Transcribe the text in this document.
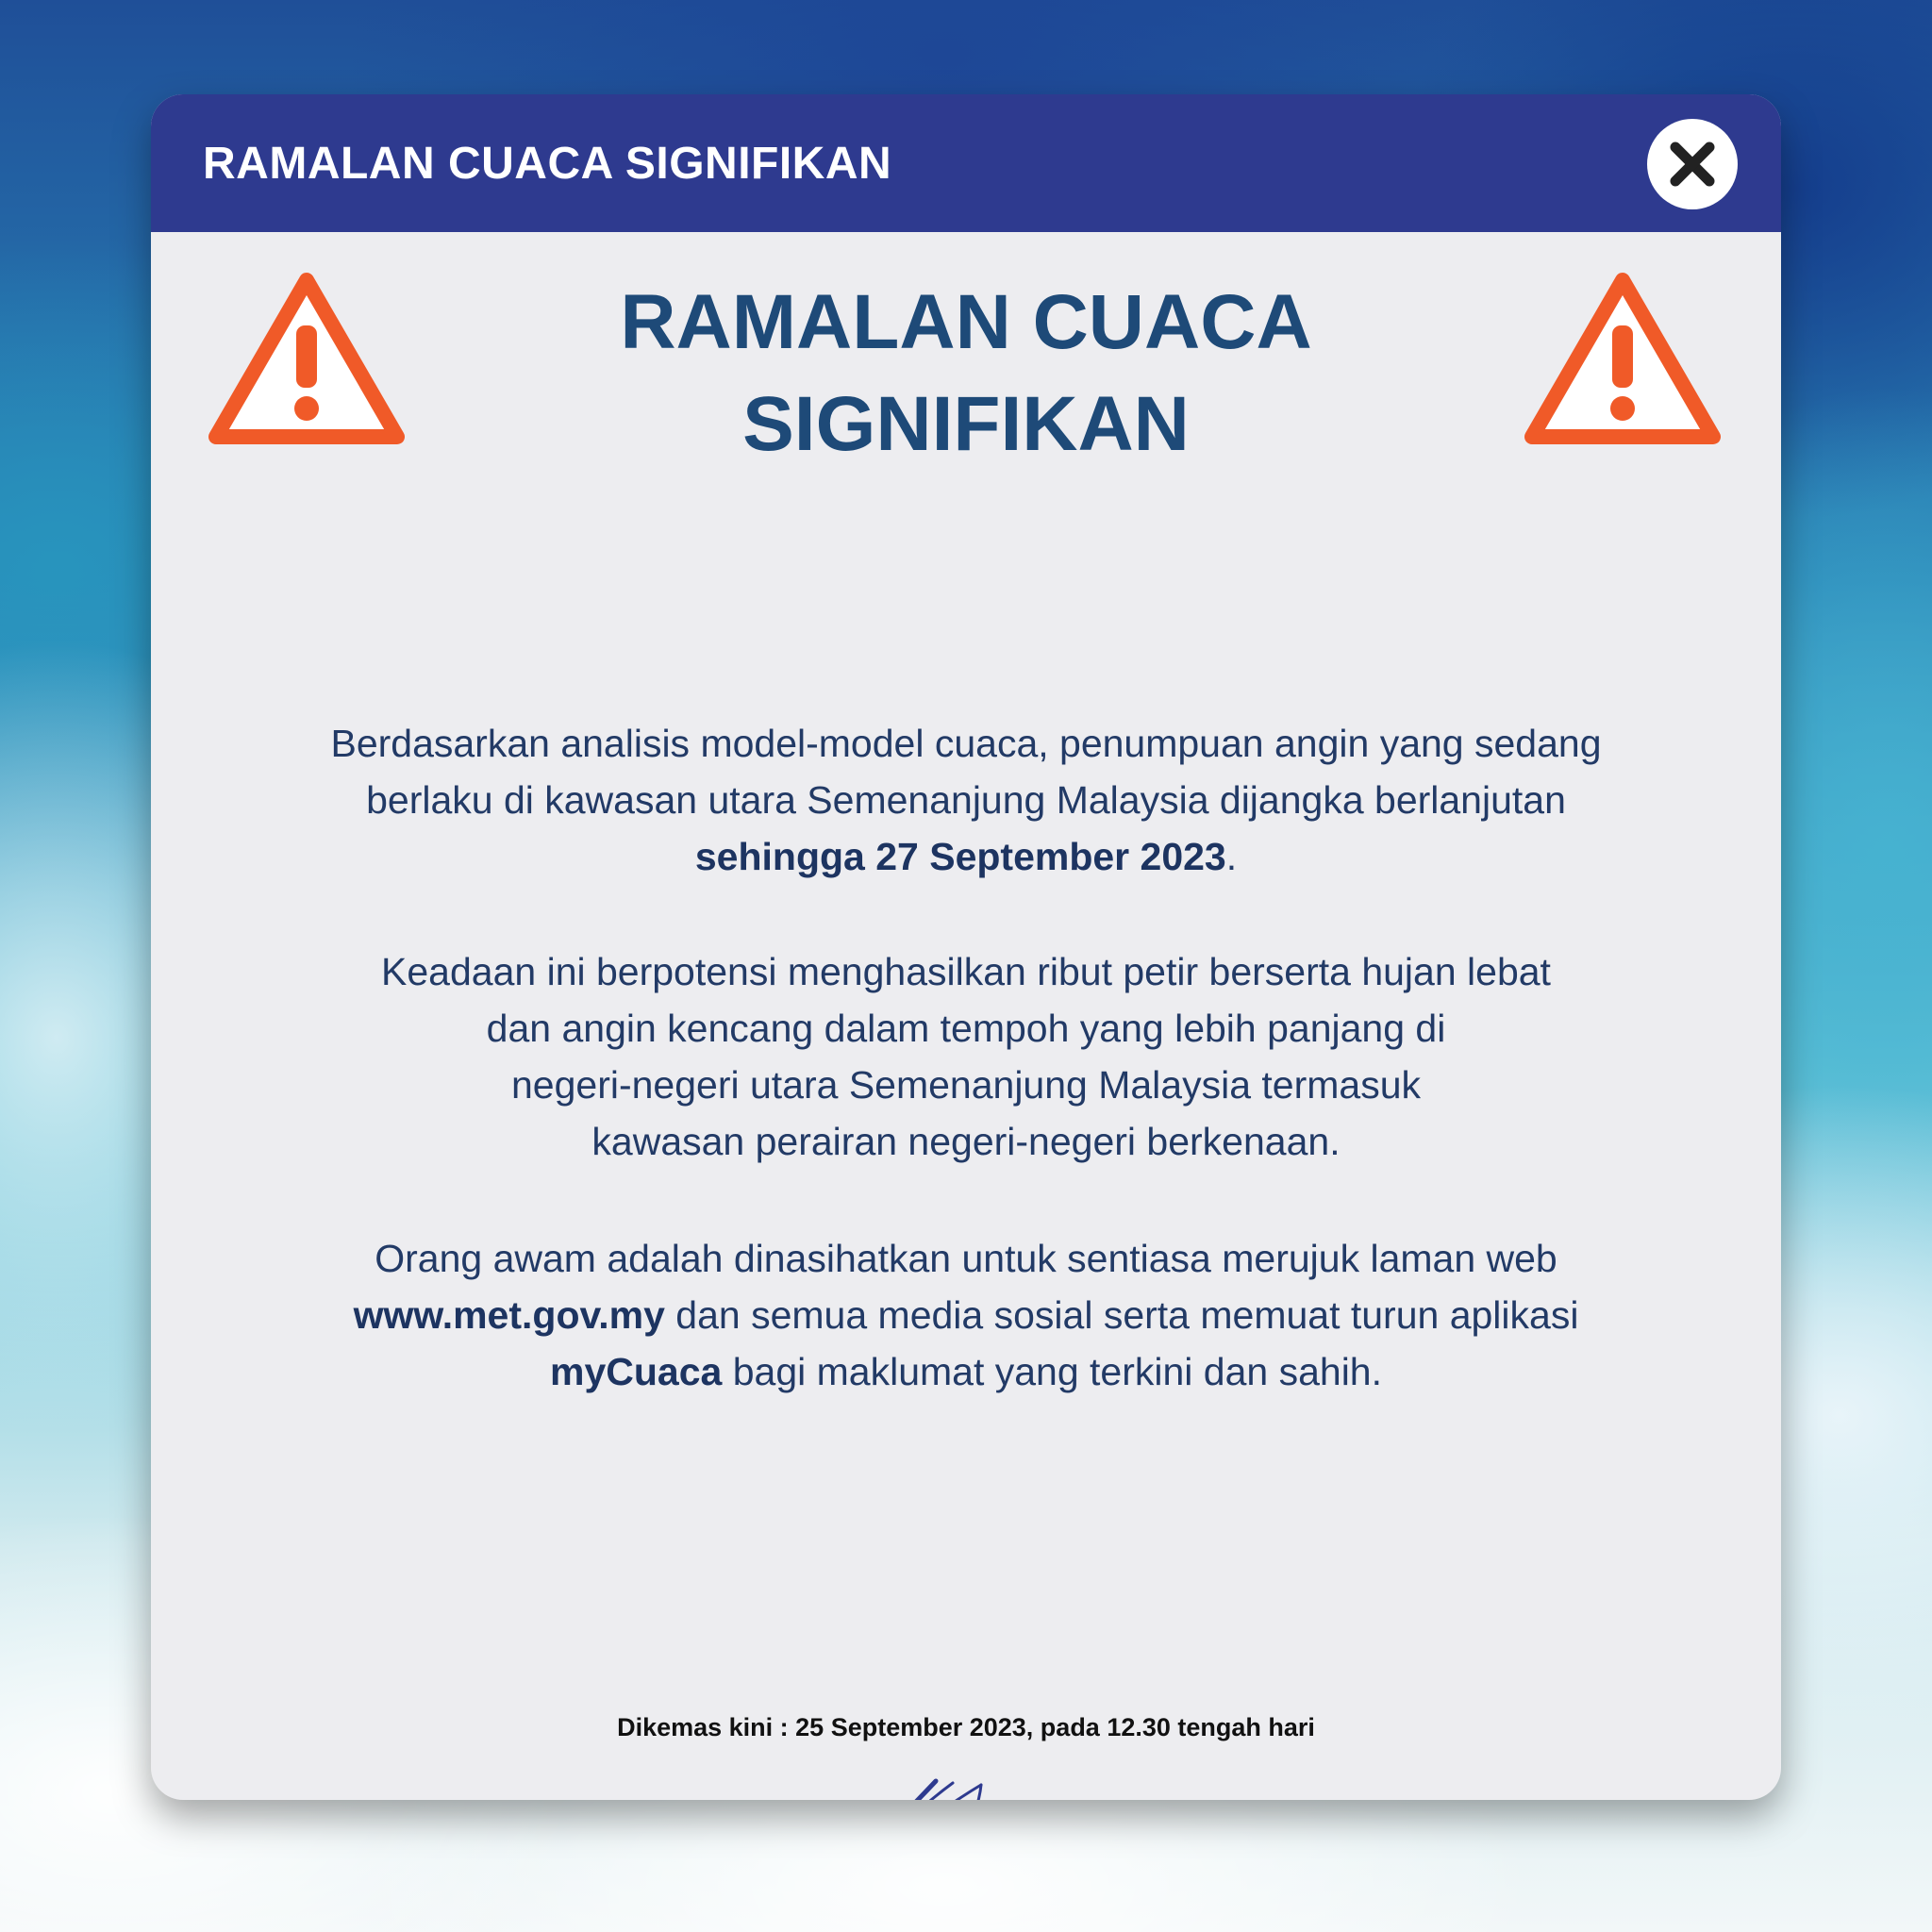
RAMALAN CUACA SIGNIFIKAN
RAMALAN CUACA
SIGNIFIKAN
Berdasarkan analisis model-model cuaca, penumpuan angin yang sedang
berlaku di kawasan utara Semenanjung Malaysia dijangka berlanjutan
sehingga 27 September 2023.
Keadaan ini berpotensi menghasilkan ribut petir berserta hujan lebat
dan angin kencang dalam tempoh yang lebih panjang di
negeri-negeri utara Semenanjung Malaysia termasuk
kawasan perairan negeri-negeri berkenaan.
Orang awam adalah dinasihatkan untuk sentiasa merujuk laman web
www.met.gov.my dan semua media sosial serta memuat turun aplikasi
myCuaca bagi maklumat yang terkini dan sahih.
Dikemas kini : 25 September 2023, pada 12.30 tengah hari
MET Malaysia
